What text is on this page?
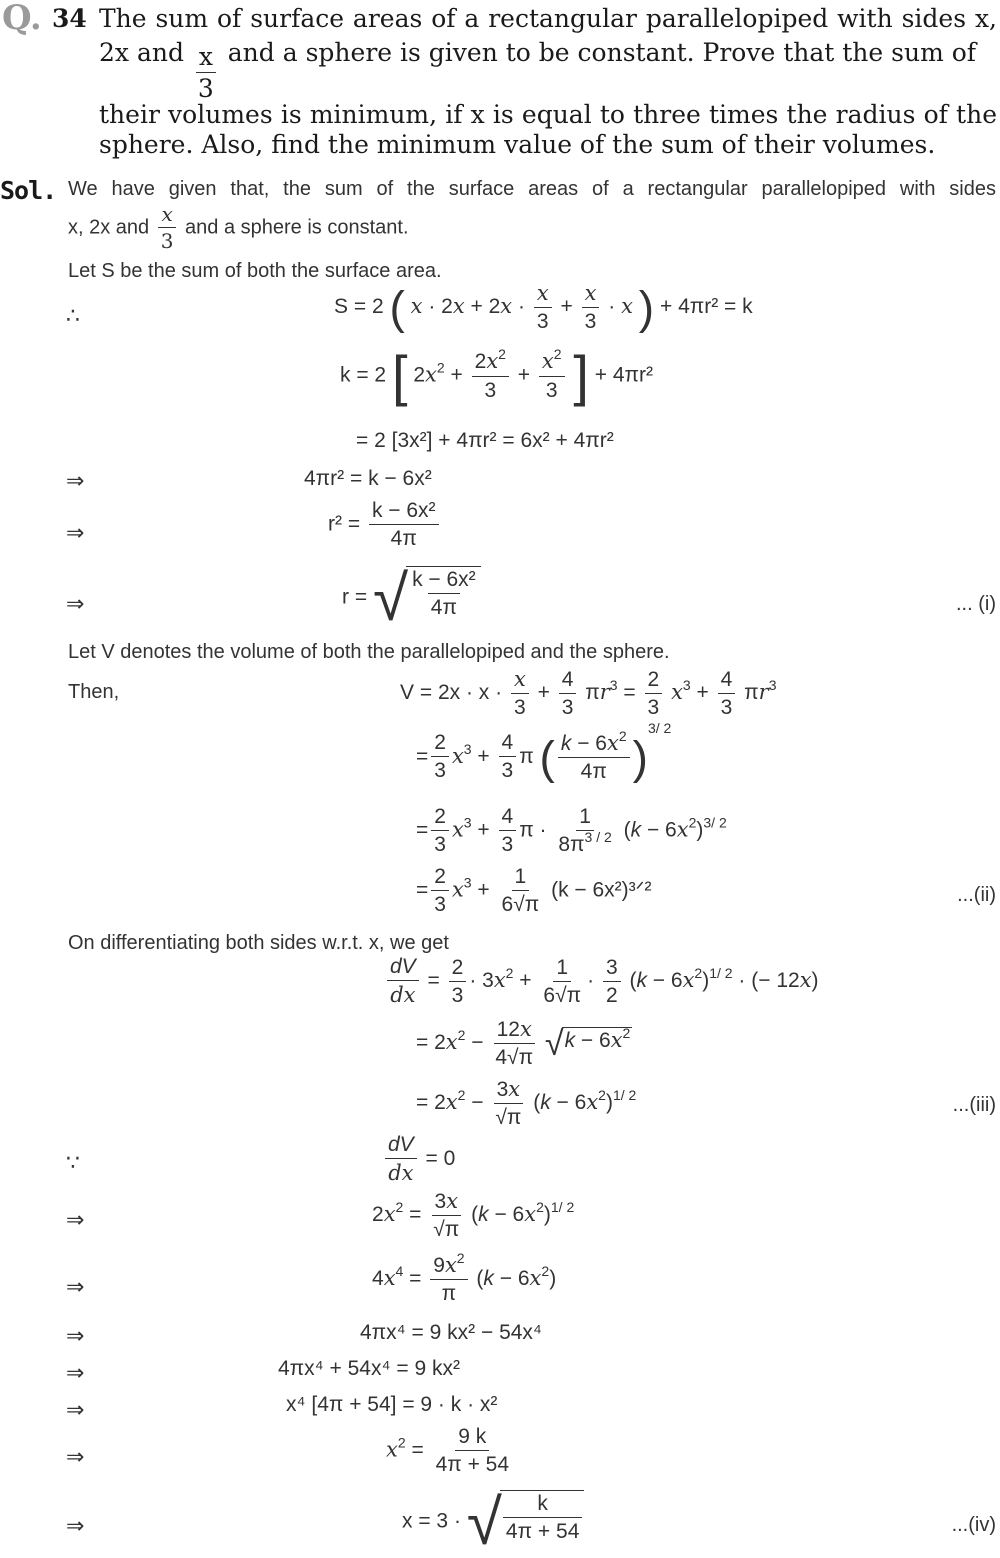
Q. 34 The sum of surface areas of a rectangular parallelopiped with sides x,
2x and $\frac{x}{3}$ and a sphere is given to be constant. Prove that the sum of
their volumes is minimum, if x is equal to three times the radius of the
sphere. Also, find the minimum value of the sum of their volumes.
Sol. We have given that, the sum of the surface areas of a rectangular parallelopiped with sides
x, 2x and $\frac{x}{3}$ and a sphere is constant.
Let S be the sum of both the surface area.
∴	S = 2 ( $x \cdot 2x + 2x \cdot \frac{x}{3} + \frac{x}{3} \cdot x$ ) + 4πr² = k
k = 2 [ $2x^2 + \frac{2x^2}{3} + \frac{x^2}{3}$ ] + 4πr²
= 2 [3x²] + 4πr² = 6x² + 4πr²
⇒	4πr² = k − 6x²
⇒	$r^2 = \frac{\text{k − 6x²}}{4\pi}$
⇒	r = √ $\frac{\text{k − 6x²}}{4\pi}$	... (i)
Let V denotes the volume of both the parallelopiped and the sphere.
Then,	$V = 2x \cdot x \cdot \frac{x}{3} + \frac{4}{3} \pi r^3 = \frac{2}{3} x^3 + \frac{4}{3} \pi r^3$
= $\frac{2}{3} x^3 + \frac{4}{3}$ π ( $\frac{k - 6x^2}{4\pi} )^{3/ 2}$
= $\frac{2}{3} x^3 + \frac{4}{3}$ $\pi \cdot \frac{1}{8\pi^{3 / 2}} (k - 6x^2)^{3/ 2}$
= $\frac{2}{3} x^3 + \frac{1}{6√\pi} (k$ − 6x²)³ᐟ²	...(ii)
On differentiating both sides w.r.t. x, we get
$\frac{dV}{dx} = \frac{2}{3} \cdot 3x^2 + \frac{1}{6√\pi} \cdot \frac{3}{2} (k - 6x^2)^{1/ 2}$ · (− 12x)
= $2x^2 - \frac{12x}{4√\pi}$
√ $k - 6x^2$
= $2x^2 - \frac{3x}{√\pi} (k - 6x^2)^{1/ 2}$	...(iii)
∵	$\frac{dV}{dx} = 0$
⇒	$2x^2 = \frac{3x}{√\pi} (k - 6x^2)^{1/ 2}$
⇒	$4x^4 = \frac{9x^2}{\pi} (k - 6x^2)$
⇒	4πx⁴ = 9 kx² − 54x⁴
⇒	4πx⁴ + 54x⁴ = 9 kx²
⇒	x⁴ [4π + 54] = 9 · k · x²
⇒	$x^2 = \frac{9 k}{4\pi + 54}$
⇒	x = 3 · √ $\frac{k}{4\pi + 54}$	...(iv)
